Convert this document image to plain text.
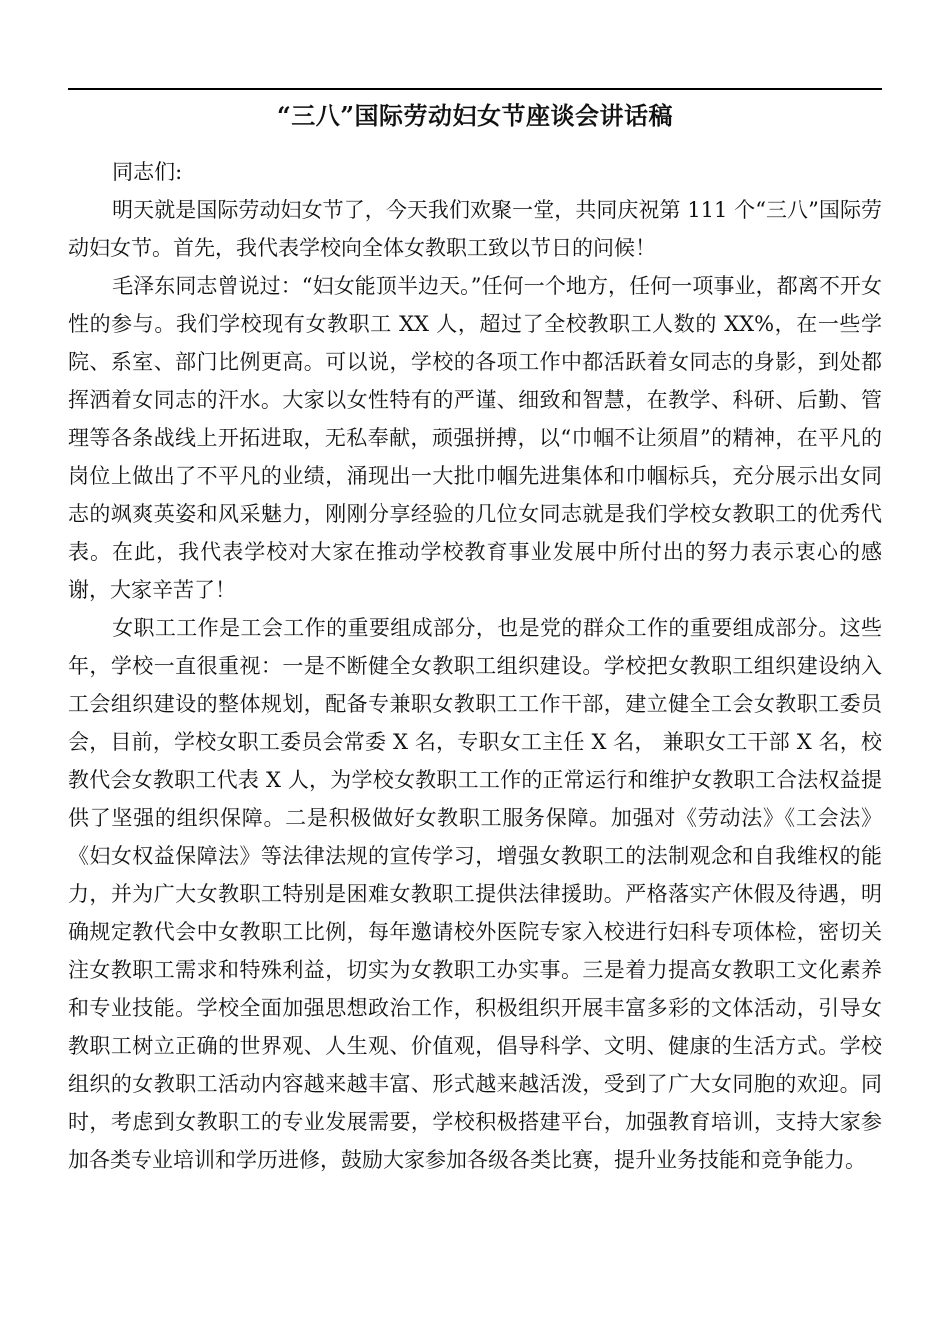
“三八”国际劳动妇女节座谈会讲话稿

同志们:

明天就是国际劳动妇女节了，今天我们欢聚一堂，共同庆祝第 111 个“三八”国际劳动妇女节。首先，我代表学校向全体女教职工致以节日的问候！

毛泽东同志曾说过：“妇女能顶半边天。”任何一个地方，任何一项事业，都离不开女性的参与。我们学校现有女教职工 XX 人，超过了全校教职工人数的 XX%，在一些学院、系室、部门比例更高。可以说，学校的各项工作中都活跃着女同志的身影，到处都挥洒着女同志的汗水。大家以女性特有的严谨、细致和智慧，在教学、科研、后勤、管理等各条战线上开拓进取，无私奉献，顽强拼搏，以“巾帼不让须眉”的精神，在平凡的岗位上做出了不平凡的业绩，涌现出一大批巾帼先进集体和巾帼标兵，充分展示出女同志的飒爽英姿和风采魅力，刚刚分享经验的几位女同志就是我们学校女教职工的优秀代表。在此，我代表学校对大家在推动学校教育事业发展中所付出的努力表示衷心的感谢，大家辛苦了！

女职工工作是工会工作的重要组成部分，也是党的群众工作的重要组成部分。这些年，学校一直很重视：一是不断健全女教职工组织建设。学校把女教职工组织建设纳入工会组织建设的整体规划，配备专兼职女教职工工作干部，建立健全工会女教职工委员会，目前，学校女职工委员会常委 X 名，专职女工主任 X 名， 兼职女工干部 X 名，校教代会女教职工代表 X 人，为学校女教职工工作的正常运行和维护女教职工合法权益提供了坚强的组织保障。二是积极做好女教职工服务保障。加强对《劳动法》《工会法》《妇女权益保障法》等法律法规的宣传学习，增强女教职工的法制观念和自我维权的能力，并为广大女教职工特别是困难女教职工提供法律援助。严格落实产休假及待遇，明确规定教代会中女教职工比例，每年邀请校外医院专家入校进行妇科专项体检，密切关注女教职工需求和特殊利益，切实为女教职工办实事。三是着力提高女教职工文化素养和专业技能。学校全面加强思想政治工作，积极组织开展丰富多彩的文体活动，引导女教职工树立正确的世界观、人生观、价值观，倡导科学、文明、健康的生活方式。学校组织的女教职工活动内容越来越丰富、形式越来越活泼，受到了广大女同胞的欢迎。同时，考虑到女教职工的专业发展需要，学校积极搭建平台，加强教育培训，支持大家参加各类专业培训和学历进修，鼓励大家参加各级各类比赛，提升业务技能和竞争能力。
